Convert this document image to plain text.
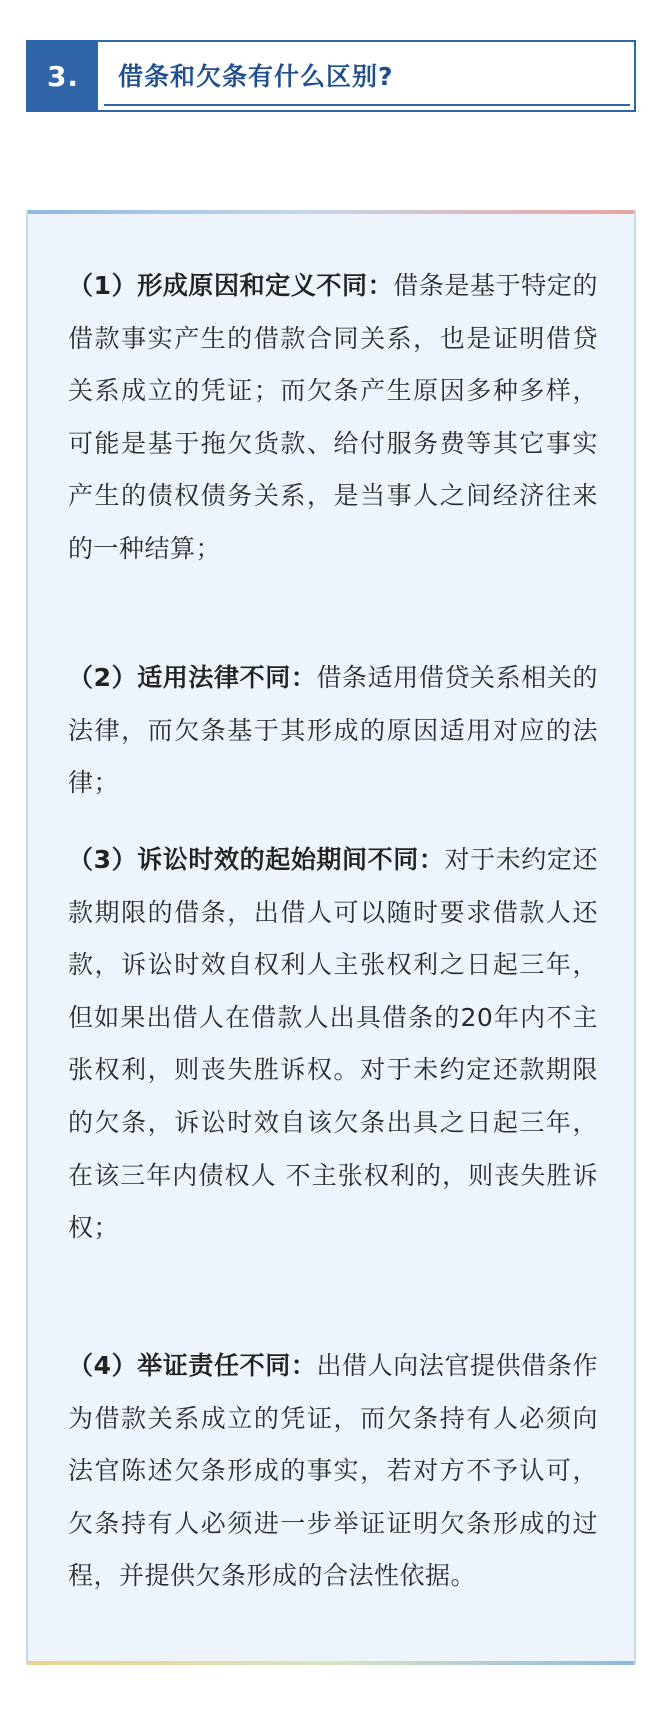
3.	借条和欠条有什么区别?

（1）形成原因和定义不同：借条是基于特定的借款事实产生的借款合同关系，也是证明借贷关系成立的凭证；而欠条产生原因多种多样，可能是基于拖欠货款、给付服务费等其它事实产生的债权债务关系，是当事人之间经济往来的一种结算；

（2）适用法律不同：借条适用借贷关系相关的法律，而欠条基于其形成的原因适用对应的法律；

（3）诉讼时效的起始期间不同：对于未约定还款期限的借条，出借人可以随时要求借款人还款，诉讼时效自权利人主张权利之日起三年，但如果出借人在借款人出具借条的20年内不主张权利，则丧失胜诉权。对于未约定还款期限的欠条，诉讼时效自该欠条出具之日起三年，在该三年内债权人 不主张权利的，则丧失胜诉权；

（4）举证责任不同：出借人向法官提供借条作为借款关系成立的凭证，而欠条持有人必须向法官陈述欠条形成的事实，若对方不予认可，欠条持有人必须进一步举证证明欠条形成的过程，并提供欠条形成的合法性依据。
